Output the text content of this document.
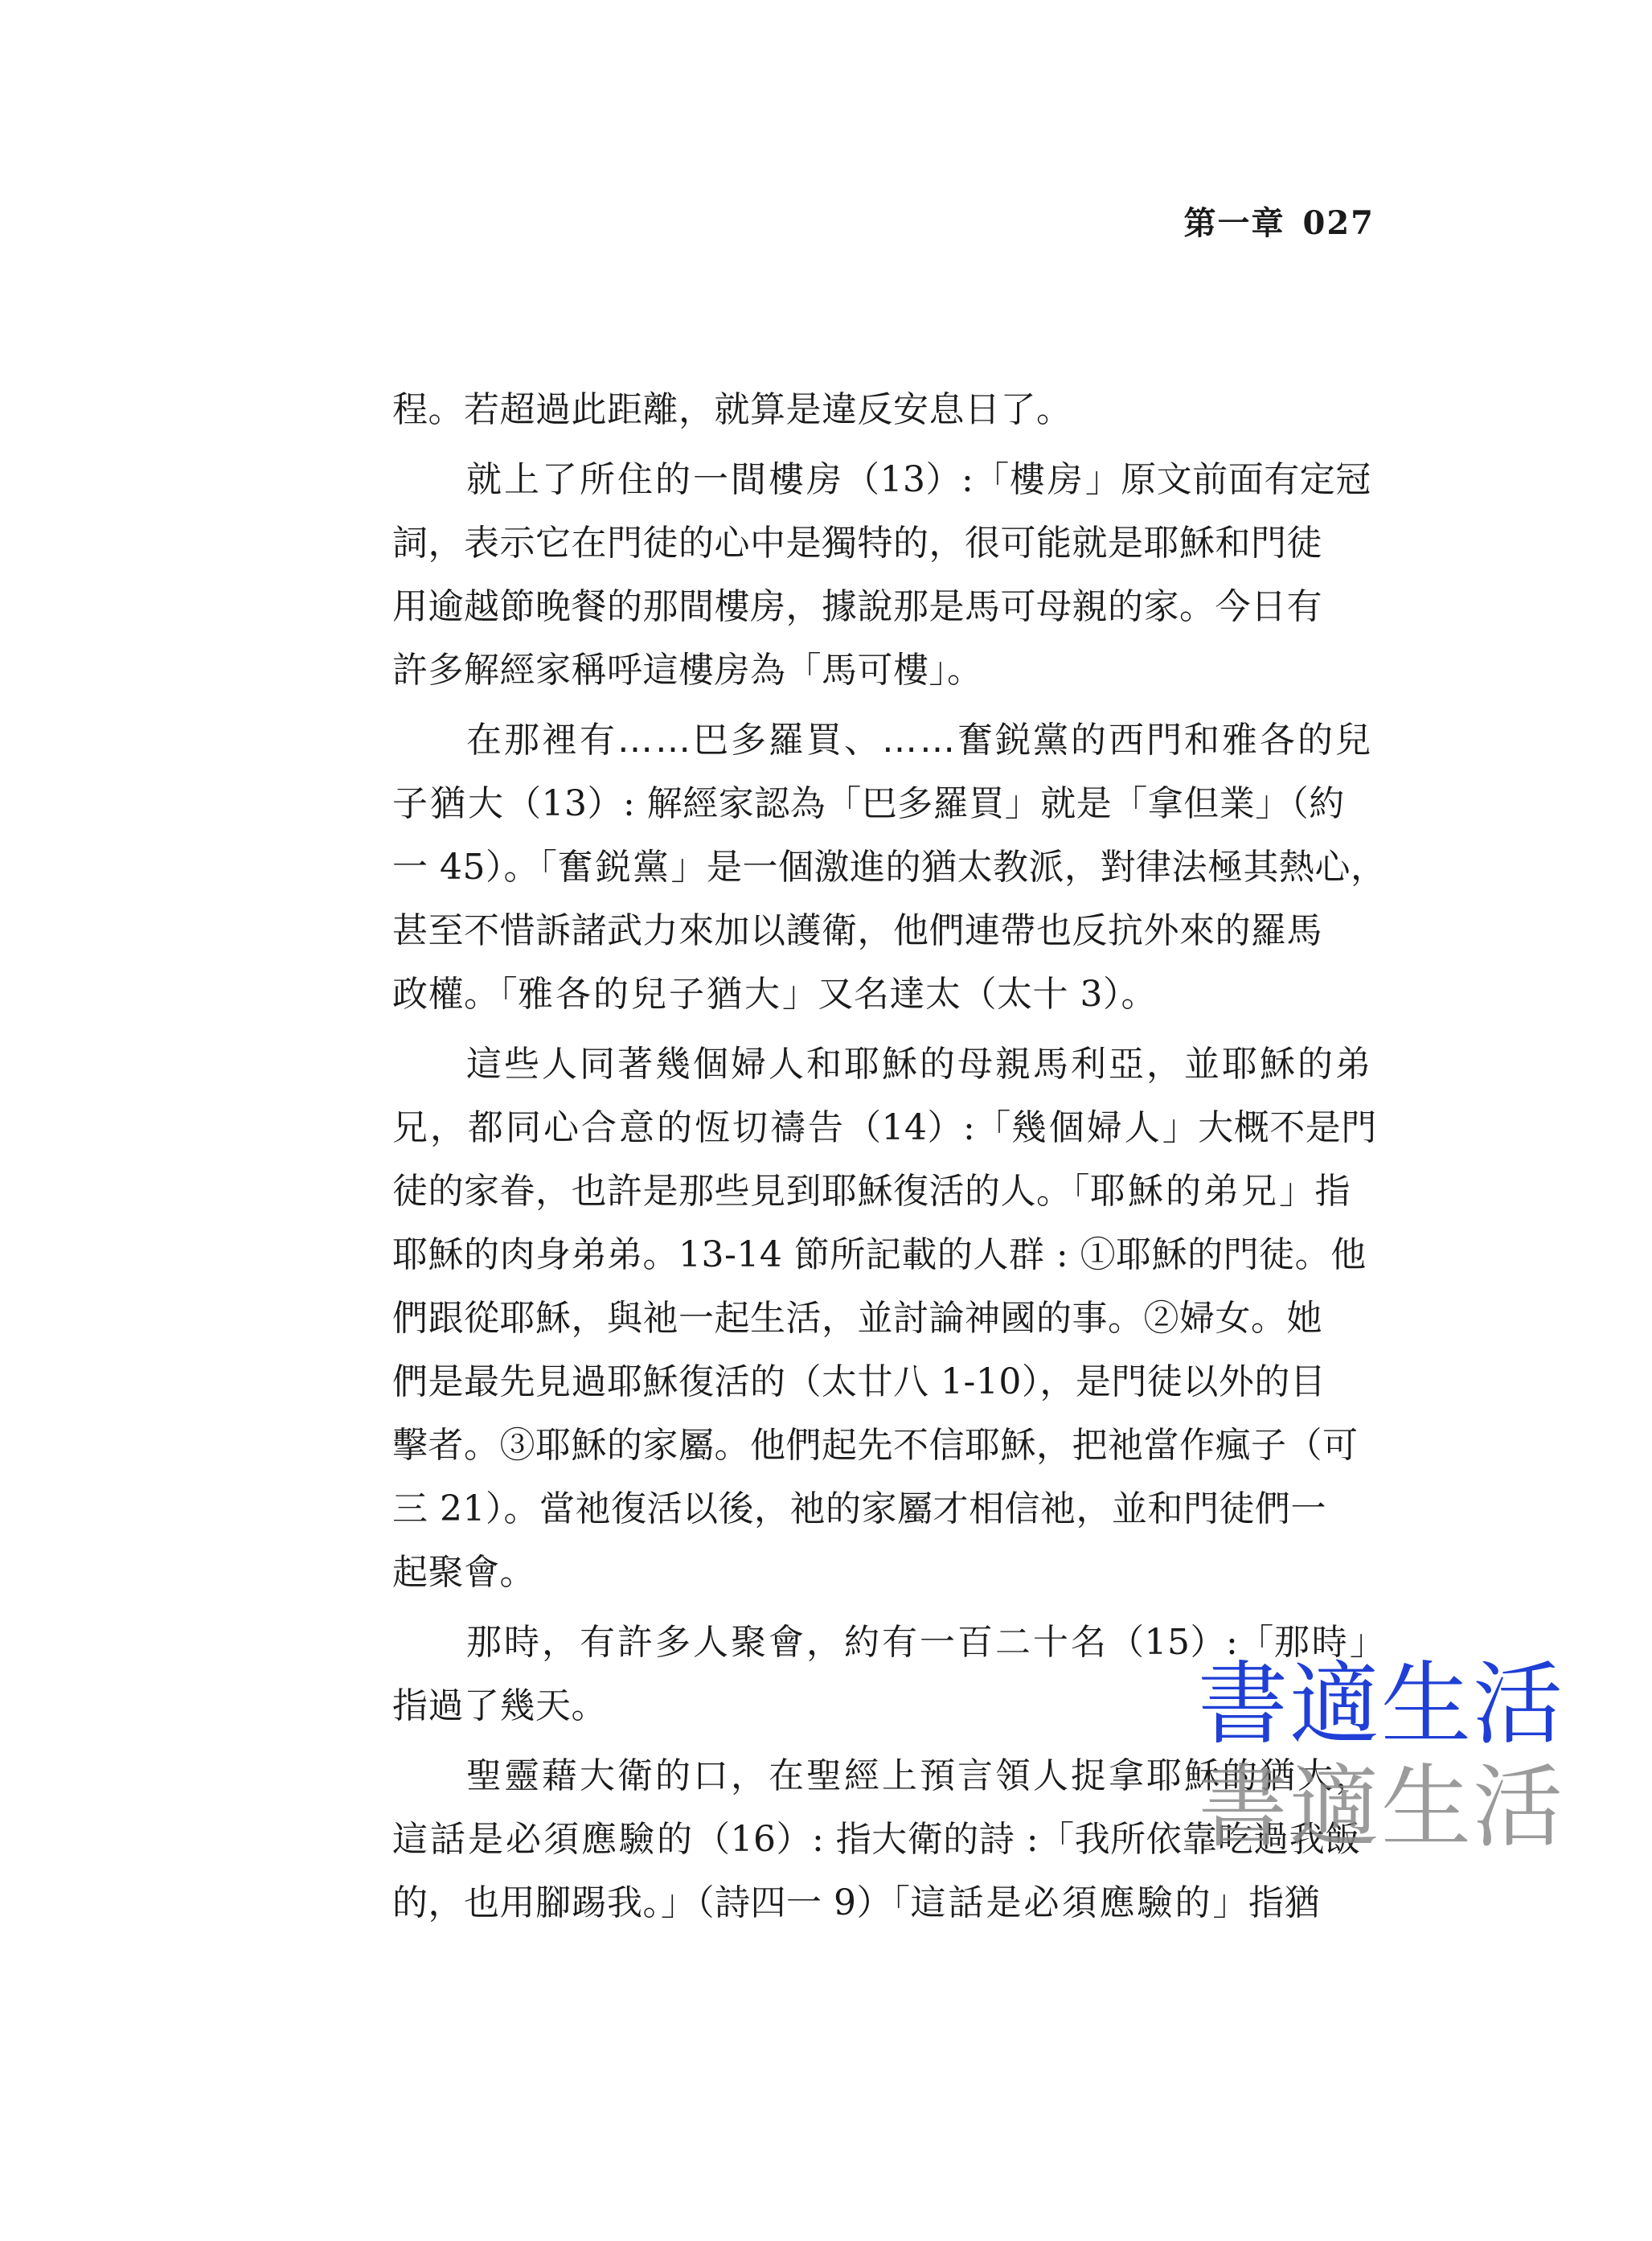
第一章 027
程。若超過此距離，就算是違反安息日了。
就上了所住的一間樓房（13）:「樓房」原文前面有定冠
詞，表示它在門徒的心中是獨特的，很可能就是耶穌和門徒
用逾越節晚餐的那間樓房，據說那是馬可母親的家。今日有
許多解經家稱呼這樓房為「馬可樓」。
在那裡有……巴多羅買、……奮鋭黨的西門和雅各的兒
子猶大（13）: 解經家認為「巴多羅買」就是「拿但業」（約
一 45）。「奮鋭黨」是一個激進的猶太教派，對律法極其熱心，
甚至不惜訴諸武力來加以護衛，他們連帶也反抗外來的羅馬
政權。「雅各的兒子猶大」又名達太（太十 3）。
這些人同著幾個婦人和耶穌的母親馬利亞，並耶穌的弟
兄，都同心合意的恆切禱告（14）:「幾個婦人」大概不是門
徒的家眷，也許是那些見到耶穌復活的人。「耶穌的弟兄」指
耶穌的肉身弟弟。13-14 節所記載的人群 : ①耶穌的門徒。他
們跟從耶穌，與祂一起生活，並討論神國的事。②婦女。她
們是最先見過耶穌復活的（太廿八 1-10），是門徒以外的目
擊者。③耶穌的家屬。他們起先不信耶穌，把祂當作瘋子（可
三 21）。當祂復活以後，祂的家屬才相信祂，並和門徒們一
起聚會。
那時，有許多人聚會，約有一百二十名（15）:「那時」
指過了幾天。
聖靈藉大衛的口，在聖經上預言領人捉拿耶穌的猶大，
這話是必須應驗的（16）: 指大衛的詩 :「我所依靠吃過我飯
的，也用腳踢我。」（詩四一 9）「這話是必須應驗的」指猶
書適生活
書適生活
